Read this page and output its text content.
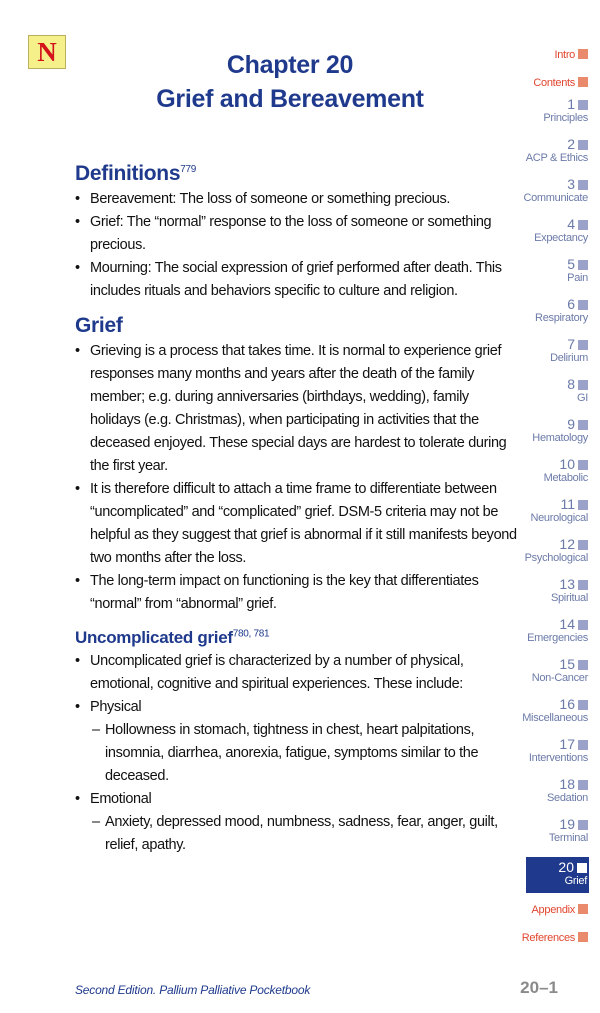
N	Chapter 20
Grief and Bereavement
Definitions$^{779}$
• Bereavement: The loss of someone or something precious.
• Grief: The “normal” response to the loss of someone or something precious.
• Mourning: The social expression of grief performed after death. This includes rituals and behaviors specific to culture and religion.
Grief
• Grieving is a process that takes time. It is normal to experience grief responses many months and years after the death of the family member; e.g. during anniversaries (birthdays, wedding), family holidays (e.g. Christmas), when participating in activities that the deceased enjoyed. These special days are hardest to tolerate during the first year.
• It is therefore difficult to attach a time frame to differentiate between “uncomplicated” and “complicated” grief. DSM-5 criteria may not be helpful as they suggest that grief is abnormal if it still manifests beyond two months after the loss.
• The long-term impact on functioning is the key that differentiates “normal” from “abnormal” grief.
Uncomplicated grief$^{780, 781}$
• Uncomplicated grief is characterized by a number of physical, emotional, cognitive and spiritual experiences. These include:
• Physical
– Hollowness in stomach, tightness in chest, heart palpitations, insomnia, diarrhea, anorexia, fatigue, symptoms similar to the deceased.
• Emotional
– Anxiety, depressed mood, numbness, sadness, fear, anger, guilt, relief, apathy.
Intro
Contents
1
Principles
2
ACP & Ethics
3
Communicate
4
Expectancy
5
Pain
6
Respiratory
7
Delirium
8
GI
9
Hematology
10
Metabolic
11
Neurological
12
Psychological
13
Spiritual
14
Emergencies
15
Non-Cancer
16
Miscellaneous
17
Interventions
18
Sedation
19
Terminal
20
Grief
Appendix
References
Second Edition. Pallium Palliative Pocketbook	20–1
